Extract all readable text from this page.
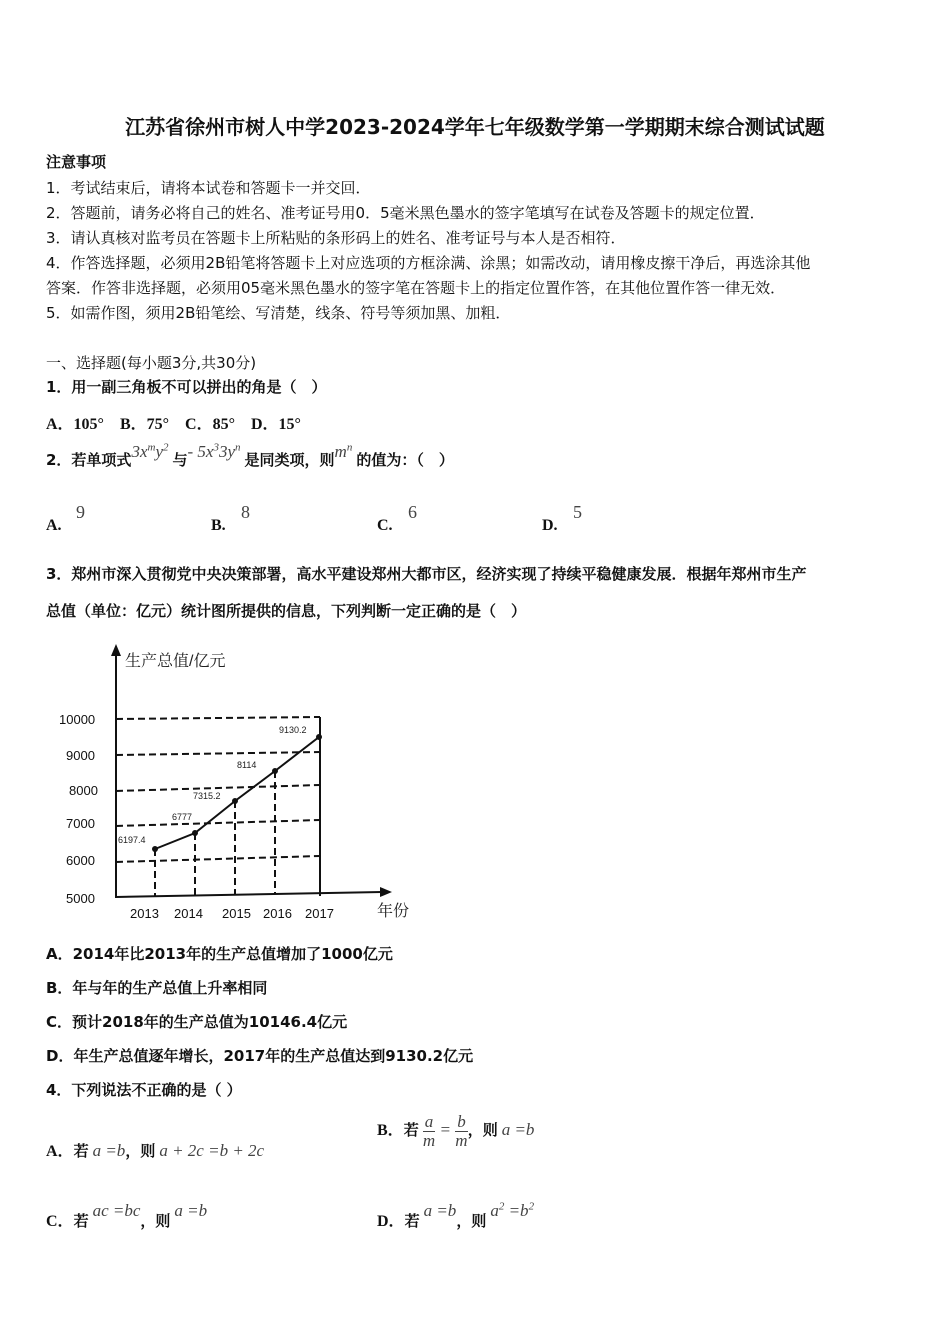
江苏省徐州市树人中学2023-2024学年七年级数学第一学期期末综合测试试题
注意事项
1．考试结束后，请将本试卷和答题卡一并交回．
2．答题前，请务必将自己的姓名、准考证号用0．5毫米黑色墨水的签字笔填写在试卷及答题卡的规定位置．
3．请认真核对监考员在答题卡上所粘贴的条形码上的姓名、准考证号与本人是否相符．
4．作答选择题，必须用2B铅笔将答题卡上对应选项的方框涂满、涂黑；如需改动，请用橡皮擦干净后，再选涂其他
答案．作答非选择题，必须用05毫米黑色墨水的签字笔在答题卡上的指定位置作答，在其他位置作答一律无效．
5．如需作图，须用2B铅笔绘、写清楚，线条、符号等须加黑、加粗．
一、选择题(每小题3分,共30分)
1．用一副三角板不可以拼出的角是（　）
A．105°　B．75°　C．85°　D．15°
2．若单项式$3x^my^2$与- $5x^33y^n$是同类项，则$m^n$的值为：（　）
A.
9
B.
8
C.
6
D.
5
3．郑州市深入贯彻党中央决策部署，高水平建设郑州大都市区，经济实现了持续平稳健康发展．根据年郑州市生产
总值（单位：亿元）统计图所提供的信息，下列判断一定正确的是（　）
6197.4
6777
7315.2
8114
9130.2
10000
9000
8000
7000
6000
5000
2013 2014 2015 2016 2017
生产总值/亿元
年份
A．2014年比2013年的生产总值增加了1000亿元
B．年与年的生产总值上升率相同
C．预计2018年的生产总值为10146.4亿元
D．年生产总值逐年增长，2017年的生产总值达到9130.2亿元
4．下列说法不正确的是（ ）
A．若 a =b，则 a + 2c =b + 2c
B．若 $\frac{a}{m} = \frac{b}{m}$ ，则 a =b
C．若 ac =bc，则 a =b
D．若 a =b，则 $a^2 =b^2$
